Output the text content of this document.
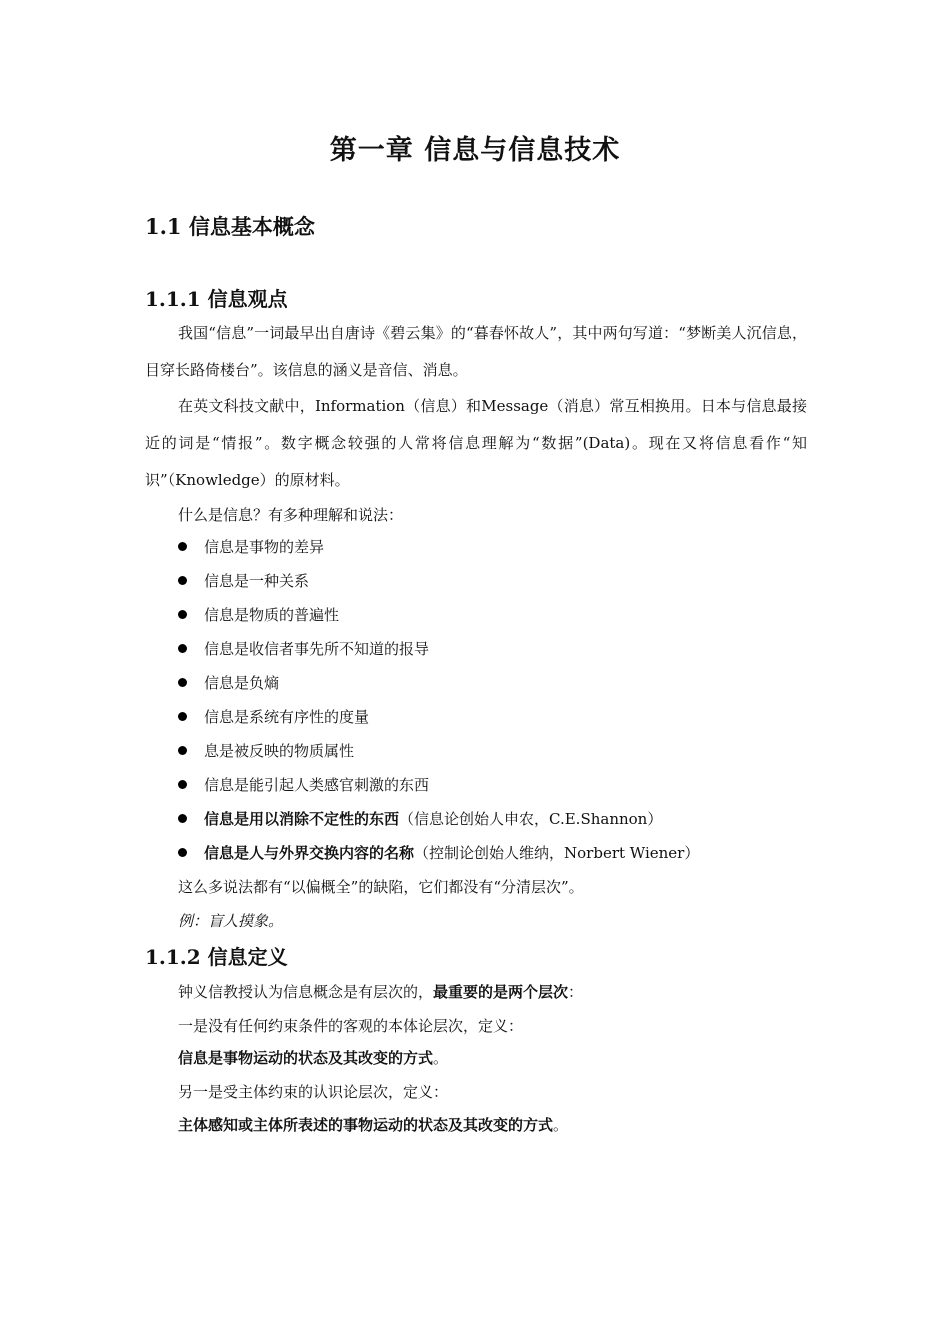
第一章 信息与信息技术
1.1 信息基本概念
1.1.1 信息观点
我国“信息”一词最早出自唐诗《碧云集》的“暮春怀故人”，其中两句写道：“梦断美人沉信息，目穿长路倚楼台”。该信息的涵义是音信、消息。
在英文科技文献中，Information（信息）和Message（消息）常互相换用。日本与信息最接近的词是“情报”。数字概念较强的人常将信息理解为“数据”(Data)。现在又将信息看作“知识”（Knowledge）的原材料。
什么是信息？有多种理解和说法：
信息是事物的差异
信息是一种关系
信息是物质的普遍性
信息是收信者事先所不知道的报导
信息是负熵
信息是系统有序性的度量
息是被反映的物质属性
信息是能引起人类感官刺激的东西
信息是用以消除不定性的东西（信息论创始人申农，C.E.Shannon）
信息是人与外界交换内容的名称（控制论创始人维纳，Norbert Wiener）
这么多说法都有“以偏概全”的缺陷，它们都没有“分清层次”。
例：盲人摸象。
1.1.2 信息定义
钟义信教授认为信息概念是有层次的，最重要的是两个层次：
一是没有任何约束条件的客观的本体论层次，定义：
信息是事物运动的状态及其改变的方式。
另一是受主体约束的认识论层次，定义：
主体感知或主体所表述的事物运动的状态及其改变的方式。
